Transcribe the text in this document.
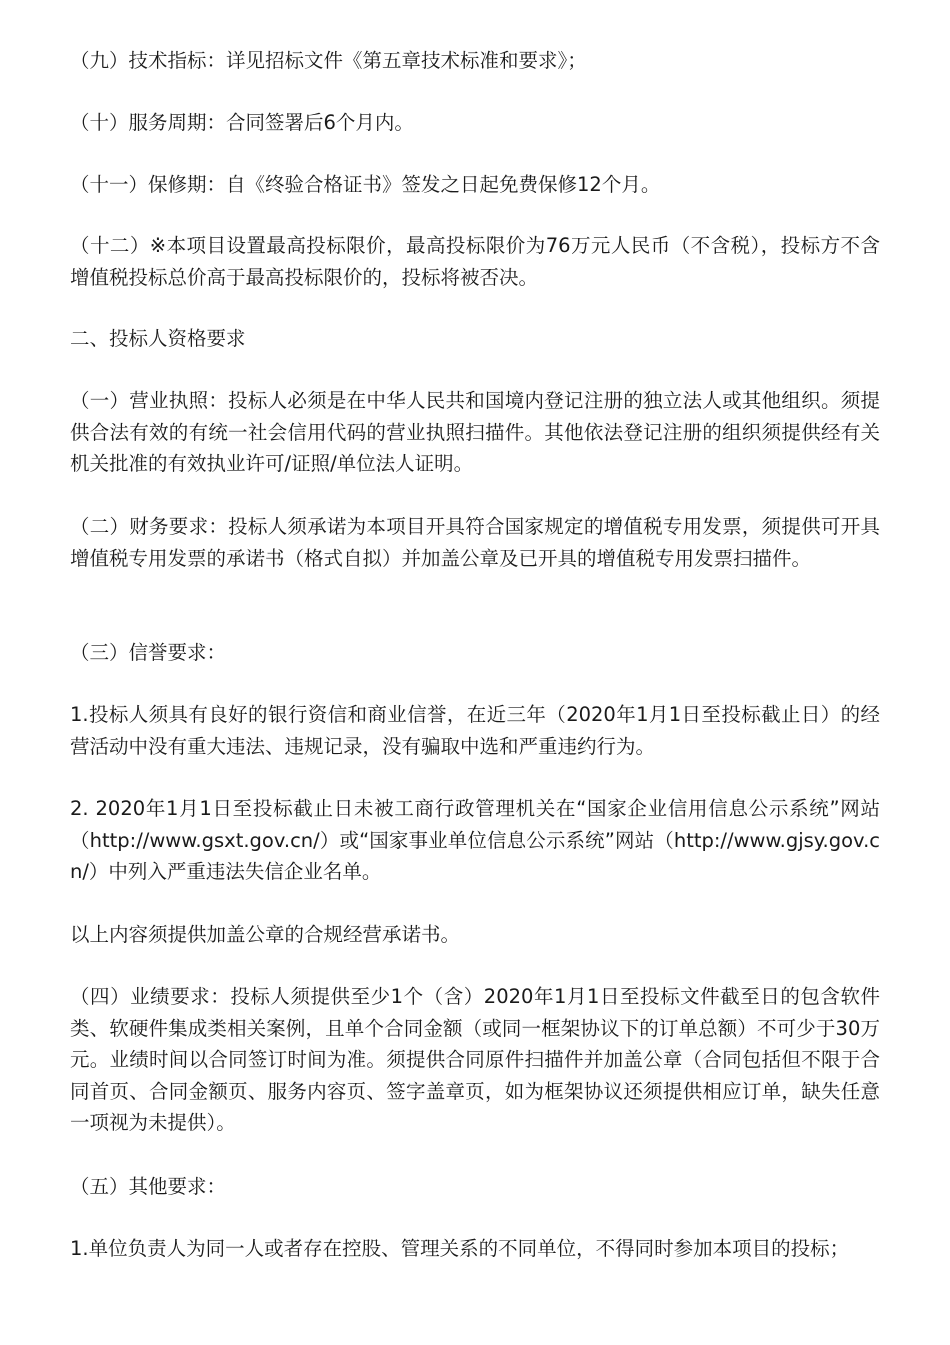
（九）技术指标：详见招标文件《第五章技术标准和要求》；

（十）服务周期：合同签署后6个月内。

（十一）保修期：自《终验合格证书》签发之日起免费保修12个月。

（十二）※本项目设置最高投标限价，最高投标限价为76万元人民币（不含税），投标方不含增值税投标总价高于最高投标限价的，投标将被否决。

二、投标人资格要求

（一）营业执照：投标人必须是在中华人民共和国境内登记注册的独立法人或其他组织。须提供合法有效的有统一社会信用代码的营业执照扫描件。其他依法登记注册的组织须提供经有关机关批准的有效执业许可/证照/单位法人证明。

（二）财务要求：投标人须承诺为本项目开具符合国家规定的增值税专用发票，须提供可开具增值税专用发票的承诺书（格式自拟）并加盖公章及已开具的增值税专用发票扫描件。

（三）信誉要求：

1.投标人须具有良好的银行资信和商业信誉，在近三年（2020年1月1日至投标截止日）的经营活动中没有重大违法、违规记录，没有骗取中选和严重违约行为。

2. 2020年1月1日至投标截止日未被工商行政管理机关在“国家企业信用信息公示系统”网站（http://www.gsxt.gov.cn/）或“国家事业单位信息公示系统”网站（http://www.gjsy.gov.cn/）中列入严重违法失信企业名单。

以上内容须提供加盖公章的合规经营承诺书。

（四）业绩要求：投标人须提供至少1个（含）2020年1月1日至投标文件截至日的包含软件类、软硬件集成类相关案例，且单个合同金额（或同一框架协议下的订单总额）不可少于30万元。业绩时间以合同签订时间为准。须提供合同原件扫描件并加盖公章（合同包括但不限于合同首页、合同金额页、服务内容页、签字盖章页，如为框架协议还须提供相应订单，缺失任意一项视为未提供）。

（五）其他要求：

1.单位负责人为同一人或者存在控股、管理关系的不同单位，不得同时参加本项目的投标；
